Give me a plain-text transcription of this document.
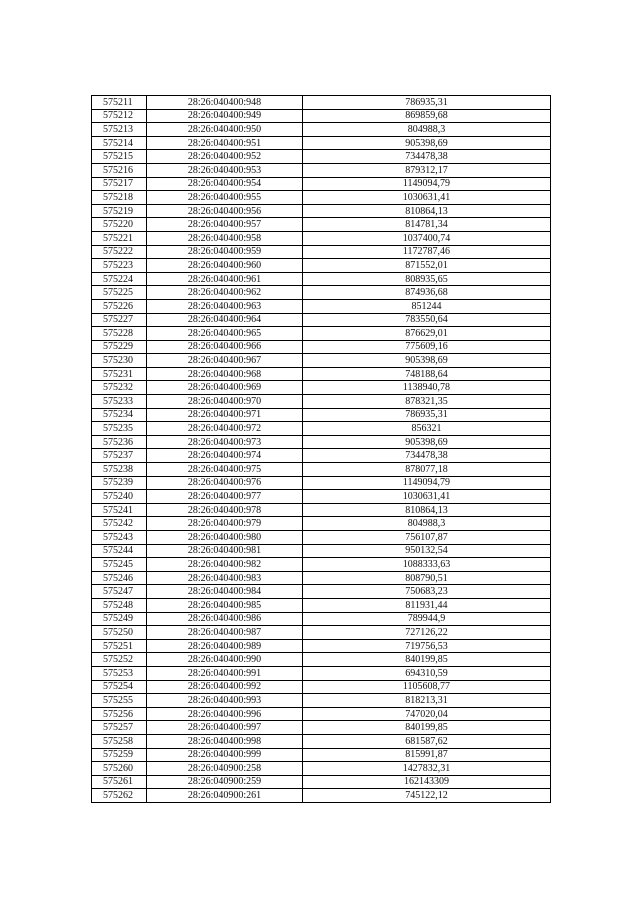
575211	28:26:040400:948	786935,31
575212	28:26:040400:949	869859,68
575213	28:26:040400:950	804988,3
575214	28:26:040400:951	905398,69
575215	28:26:040400:952	734478,38
575216	28:26:040400:953	879312,17
575217	28:26:040400:954	1149094,79
575218	28:26:040400:955	1030631,41
575219	28:26:040400:956	810864,13
575220	28:26:040400:957	814781,34
575221	28:26:040400:958	1037400,74
575222	28:26:040400:959	1172787,46
575223	28:26:040400:960	871552,01
575224	28:26:040400:961	808935,65
575225	28:26:040400:962	874936,68
575226	28:26:040400:963	851244
575227	28:26:040400:964	783550,64
575228	28:26:040400:965	876629,01
575229	28:26:040400:966	775609,16
575230	28:26:040400:967	905398,69
575231	28:26:040400:968	748188,64
575232	28:26:040400:969	1138940,78
575233	28:26:040400:970	878321,35
575234	28:26:040400:971	786935,31
575235	28:26:040400:972	856321
575236	28:26:040400:973	905398,69
575237	28:26:040400:974	734478,38
575238	28:26:040400:975	878077,18
575239	28:26:040400:976	1149094,79
575240	28:26:040400:977	1030631,41
575241	28:26:040400:978	810864,13
575242	28:26:040400:979	804988,3
575243	28:26:040400:980	756107,87
575244	28:26:040400:981	950132,54
575245	28:26:040400:982	1088333,63
575246	28:26:040400:983	808790,51
575247	28:26:040400:984	750683,23
575248	28:26:040400:985	811931,44
575249	28:26:040400:986	789944,9
575250	28:26:040400:987	727126,22
575251	28:26:040400:989	719756,53
575252	28:26:040400:990	840199,85
575253	28:26:040400:991	694310,59
575254	28:26:040400:992	1105608,77
575255	28:26:040400:993	818213,31
575256	28:26:040400:996	747020,04
575257	28:26:040400:997	840199,85
575258	28:26:040400:998	681587,62
575259	28:26:040400:999	815991,87
575260	28:26:040900:258	1427832,31
575261	28:26:040900:259	162143309
575262	28:26:040900:261	745122,12
